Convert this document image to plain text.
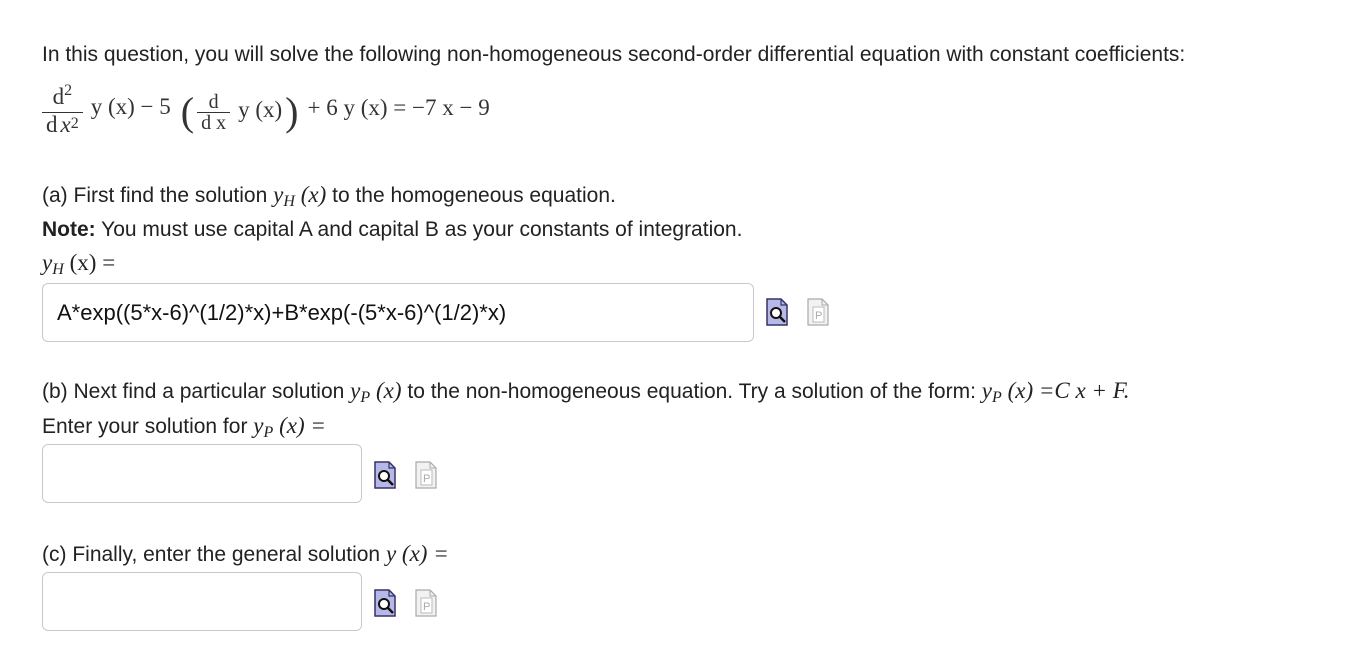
In this question, you will solve the following non-homogeneous second-order differential equation with constant coefficients:
$\frac{d^2}{\text{d x2}}$ y (x) − 5 ( $\frac{d}{\text{d x}}$ y (x) ) + 6 y (x) = −7 x − 9
(a) First find the solution yH (x) to the homogeneous equation.
Note: You must use capital A and capital B as your constants of integration.
yH (x) =
A*exp((5*x-6)^(1/2)*x)+B*exp(-(5*x-6)^(1/2)*x)	P
(b) Next find a particular solution yP (x) to the non-homogeneous equation. Try a solution of the form: yP (x) =C x + F.
Enter your solution for yP (x) =
P
(c) Finally, enter the general solution y (x) =
P
